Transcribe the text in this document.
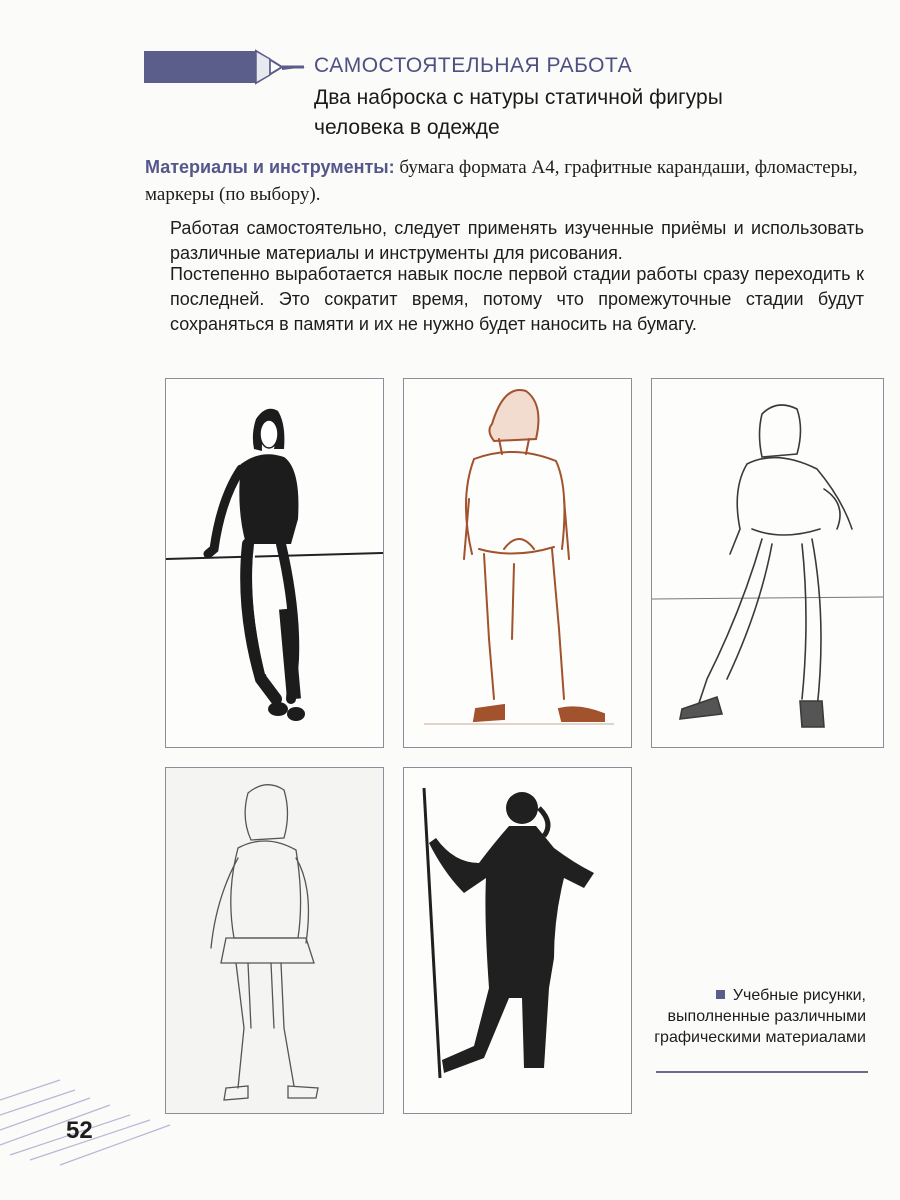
САМОСТОЯТЕЛЬНАЯ РАБОТА
Два наброска с натуры статичной фигуры
человека в одежде
Материалы и инструменты: бумага формата А4, графитные карандаши, фломастеры, маркеры (по выбору).
Работая самостоятельно, следует применять изученные приёмы и использовать различные материалы и инструменты для рисования.
Постепенно выработается навык после первой стадии работы сразу переходить к последней. Это сократит время, потому что промежуточные стадии будут сохраняться в памяти и их не нужно будет наносить на бумагу.
Учебные рисунки, выполненные различными графическими материалами
52
